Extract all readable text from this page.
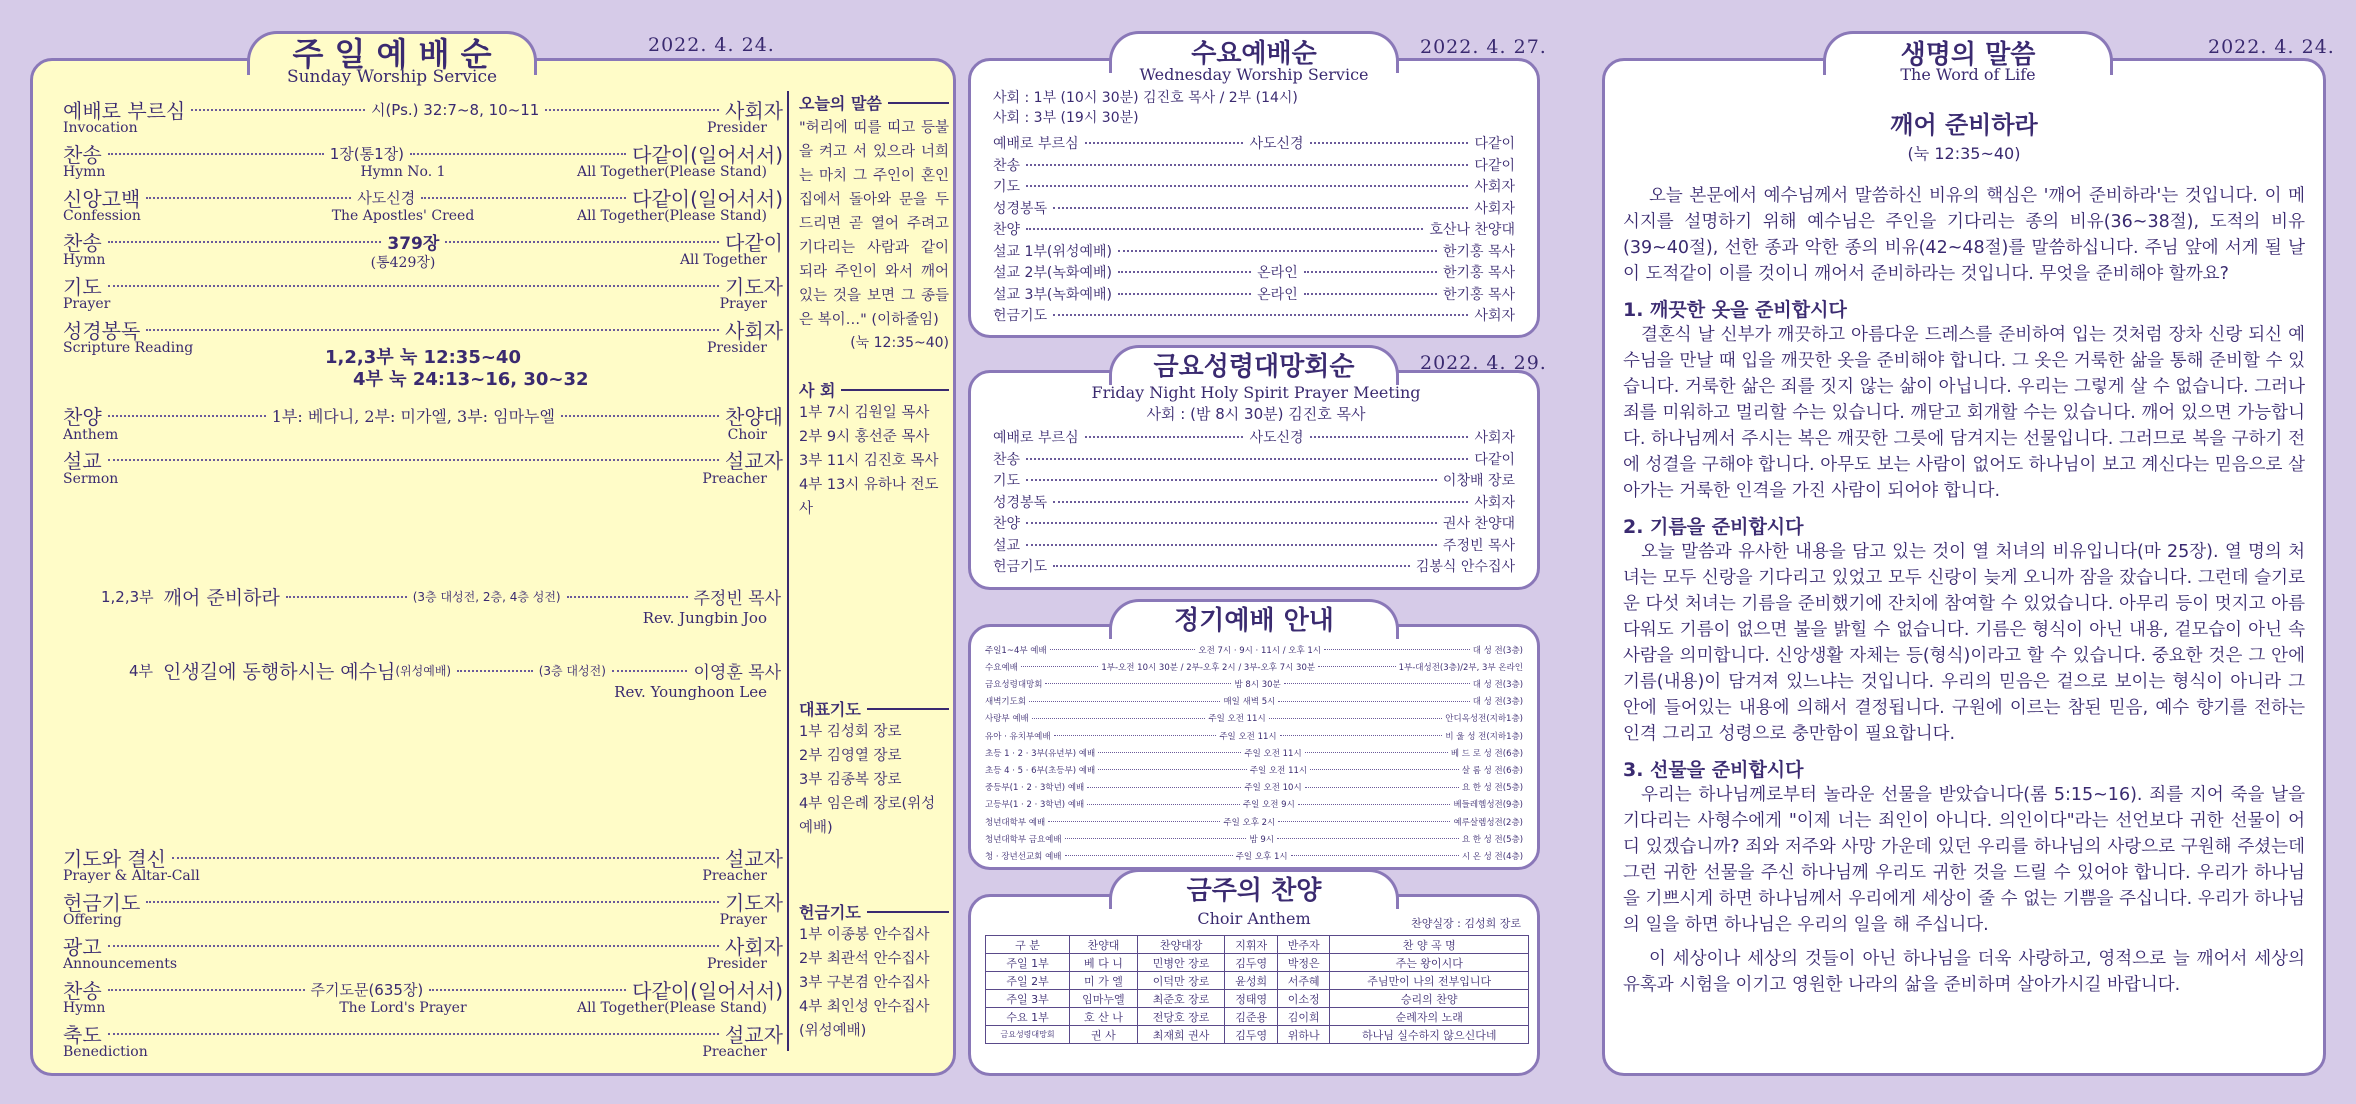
주 일 예 배 순
Sunday Worship Service
예배로 부르심	시(Ps.) 32:7~8, 10~11	사회자
Invocation	Presider
찬송	1장(통1장)	다같이(일어서서)
Hymn	Hymn No. 1	All Together(Please Stand)
신앙고백	사도신경	다같이(일어서서)
Confession	The Apostles' Creed	All Together(Please Stand)
찬송	379장	다같이
Hymn	(통429장)	All Together
기도	기도자
Prayer	Prayer
성경봉독	사회자
Scripture Reading	Presider
1,2,3부 눅 12:35~40
4부 눅 24:13~16, 30~32
찬양	1부: 베다니, 2부: 미가엘, 3부: 임마누엘	찬양대
Anthem	Choir
설교	설교자
Sermon	Preacher
1,2,3부 깨어 준비하라	(3층 대성전, 2층, 4층 성전)	주정빈 목사
Rev. Jungbin Joo
4부 인생길에 동행하시는 예수님 (위성예배)	(3층 대성전)	이영훈 목사
Rev. Younghoon Lee
기도와 결신	설교자
Prayer & Altar-Call	Preacher
헌금기도	기도자
Offering	Prayer
광고	사회자
Announcements	Presider
찬송	주기도문(635장)	다같이(일어서서)
Hymn	The Lord's Prayer	All Together(Please Stand)
축도	설교자
Benediction	Preacher
오늘의 말씀
"허리에 띠를 띠고 등불을 켜고 서 있으라 너희는 마치 그 주인이 혼인 집에서 돌아와 문을 두드리면 곧 열어 주려고 기다리는 사람과 같이 되라 주인이 와서 깨어 있는 것을 보면 그 종들은 복이…" (이하줄임)
(눅 12:35~40)
사 회
1부 7시 김원일 목사
2부 9시 홍선준 목사
3부 11시 김진호 목사
4부 13시 유하나 전도사
대표기도
1부 김성회 장로
2부 김영열 장로
3부 김종복 장로
4부 임은례 장로(위성예배)
헌금기도
1부 이종봉 안수집사
2부 최관석 안수집사
3부 구본겸 안수집사
4부 최인성 안수집사(위성예배)
2022. 4. 24.	수요예배순
Wednesday Worship Service
사회 : 1부 (10시 30분) 김진호 목사 / 2부 (14시)
사회 : 3부 (19시 30분)
예배로 부르심	사도신경	다같이
찬송	다같이
기도	사회자
성경봉독	사회자
찬양	호산나 찬양대
설교 1부(위성예배)	한기홍 목사
설교 2부(녹화예배)	온라인	한기홍 목사
설교 3부(녹화예배)	온라인	한기홍 목사
헌금기도	사회자
2022. 4. 27.
금요성령대망회순
Friday Night Holy Spirit Prayer Meeting
사회 : (밤 8시 30분) 김진호 목사
예배로 부르심	사도신경	사회자
찬송	다같이
기도	이창배 장로
성경봉독	사회자
찬양	권사 찬양대
설교	주정빈 목사
헌금기도	김봉식 안수집사
2022. 4. 29.
정기예배 안내
주일1~4부 예배	오전 7시 · 9시 · 11시 / 오후 1시	대 성 전(3층)
수요예배	1부-오전 10시 30분 / 2부-오후 2시 / 3부-오후 7시 30분	1부-대성전(3층)/2부, 3부 온라인
금요성령대망회	밤 8시 30분	대 성 전(3층)
새벽기도회	매일 새벽 5시	대 성 전(3층)
사랑부 예배	주일 오전 11시	안디옥성전(지하1층)
유아 · 유치부예배	주일 오전 11시	비 울 성 전(지하1층)
초등 1 · 2 · 3부(유년부) 예배	주일 오전 11시	베 드 로 성 전(6층)
초등 4 · 5 · 6부(초등부) 예배	주일 오전 11시	살 롬 성 전(6층)
중등부(1 · 2 · 3학년) 예배	주일 오전 10시	요 한 성 전(5층)
고등부(1 · 2 · 3학년) 예배	주일 오전 9시	베들레헴성전(9층)
청년대학부 예배	주일 오후 2시	예루살렘성전(2층)
청년대학부 금요예배	밤 9시	요 한 성 전(5층)
청 · 장년선교회 예배	주일 오후 1시	시 온 성 전(4층)
금주의 찬양
Choir Anthem	찬양실장 : 김성희 장로
구 분	찬양대	찬양대장	지휘자	반주자	찬 양 곡 명
주일 1부	베 다 니	민병안 장로	김두영	박정은	주는 왕이시다
주일 2부	미 가 엘	이덕만 장로	윤성희	서주혜	주님만이 나의 전부입니다
주일 3부	임마누엘	최준호 장로	정태영	이소정	승리의 찬양
수요 1부	호 산 나	전당호 장로	김준용	김이희	순례자의 노래
금요성령대망회	권 사	최재희 권사	김두영	위하나	하나님 실수하지 않으신다네
생명의 말씀
The Word of Life
깨어 준비하라
(눅 12:35~40)

오늘 본문에서 예수님께서 말씀하신 비유의 핵심은 '깨어 준비하라'는 것입니다. 이 메시지를 설명하기 위해 예수님은 주인을 기다리는 종의 비유(36~38절), 도적의 비유(39~40절), 선한 종과 악한 종의 비유(42~48절)를 말씀하십니다. 주님 앞에 서게 될 날이 도적같이 이를 것이니 깨어서 준비하라는 것입니다. 무엇을 준비해야 할까요?

1. 깨끗한 옷을 준비합시다

결혼식 날 신부가 깨끗하고 아름다운 드레스를 준비하여 입는 것처럼 장차 신랑 되신 예수님을 만날 때 입을 깨끗한 옷을 준비해야 합니다. 그 옷은 거룩한 삶을 통해 준비할 수 있습니다. 거룩한 삶은 죄를 짓지 않는 삶이 아닙니다. 우리는 그렇게 살 수 없습니다. 그러나 죄를 미워하고 멀리할 수는 있습니다. 깨닫고 회개할 수는 있습니다. 깨어 있으면 가능합니다. 하나님께서 주시는 복은 깨끗한 그릇에 담겨지는 선물입니다. 그러므로 복을 구하기 전에 성결을 구해야 합니다. 아무도 보는 사람이 없어도 하나님이 보고 계신다는 믿음으로 살아가는 거룩한 인격을 가진 사람이 되어야 합니다.

2. 기름을 준비합시다

오늘 말씀과 유사한 내용을 담고 있는 것이 열 처녀의 비유입니다(마 25장). 열 명의 처녀는 모두 신랑을 기다리고 있었고 모두 신랑이 늦게 오니까 잠을 잤습니다. 그런데 슬기로운 다섯 처녀는 기름을 준비했기에 잔치에 참여할 수 있었습니다. 아무리 등이 멋지고 아름다워도 기름이 없으면 불을 밝힐 수 없습니다. 기름은 형식이 아닌 내용, 겉모습이 아닌 속사람을 의미합니다. 신앙생활 자체는 등(형식)이라고 할 수 있습니다. 중요한 것은 그 안에 기름(내용)이 담겨져 있느냐는 것입니다. 우리의 믿음은 겉으로 보이는 형식이 아니라 그 안에 들어있는 내용에 의해서 결정됩니다. 구원에 이르는 참된 믿음, 예수 향기를 전하는 인격 그리고 성령으로 충만함이 필요합니다.

3. 선물을 준비합시다

우리는 하나님께로부터 놀라운 선물을 받았습니다(롬 5:15~16). 죄를 지어 죽을 날을 기다리는 사형수에게 "이제 너는 죄인이 아니다. 의인이다"라는 선언보다 귀한 선물이 어디 있겠습니까? 죄와 저주와 사망 가운데 있던 우리를 하나님의 사랑으로 구원해 주셨는데 그런 귀한 선물을 주신 하나님께 우리도 귀한 것을 드릴 수 있어야 합니다. 우리가 하나님을 기쁘시게 하면 하나님께서 우리에게 세상이 줄 수 없는 기쁨을 주십니다. 우리가 하나님의 일을 하면 하나님은 우리의 일을 해 주십니다.

이 세상이나 세상의 것들이 아닌 하나님을 더욱 사랑하고, 영적으로 늘 깨어서 세상의 유혹과 시험을 이기고 영원한 나라의 삶을 준비하며 살아가시길 바랍니다.

2022. 4. 24.
